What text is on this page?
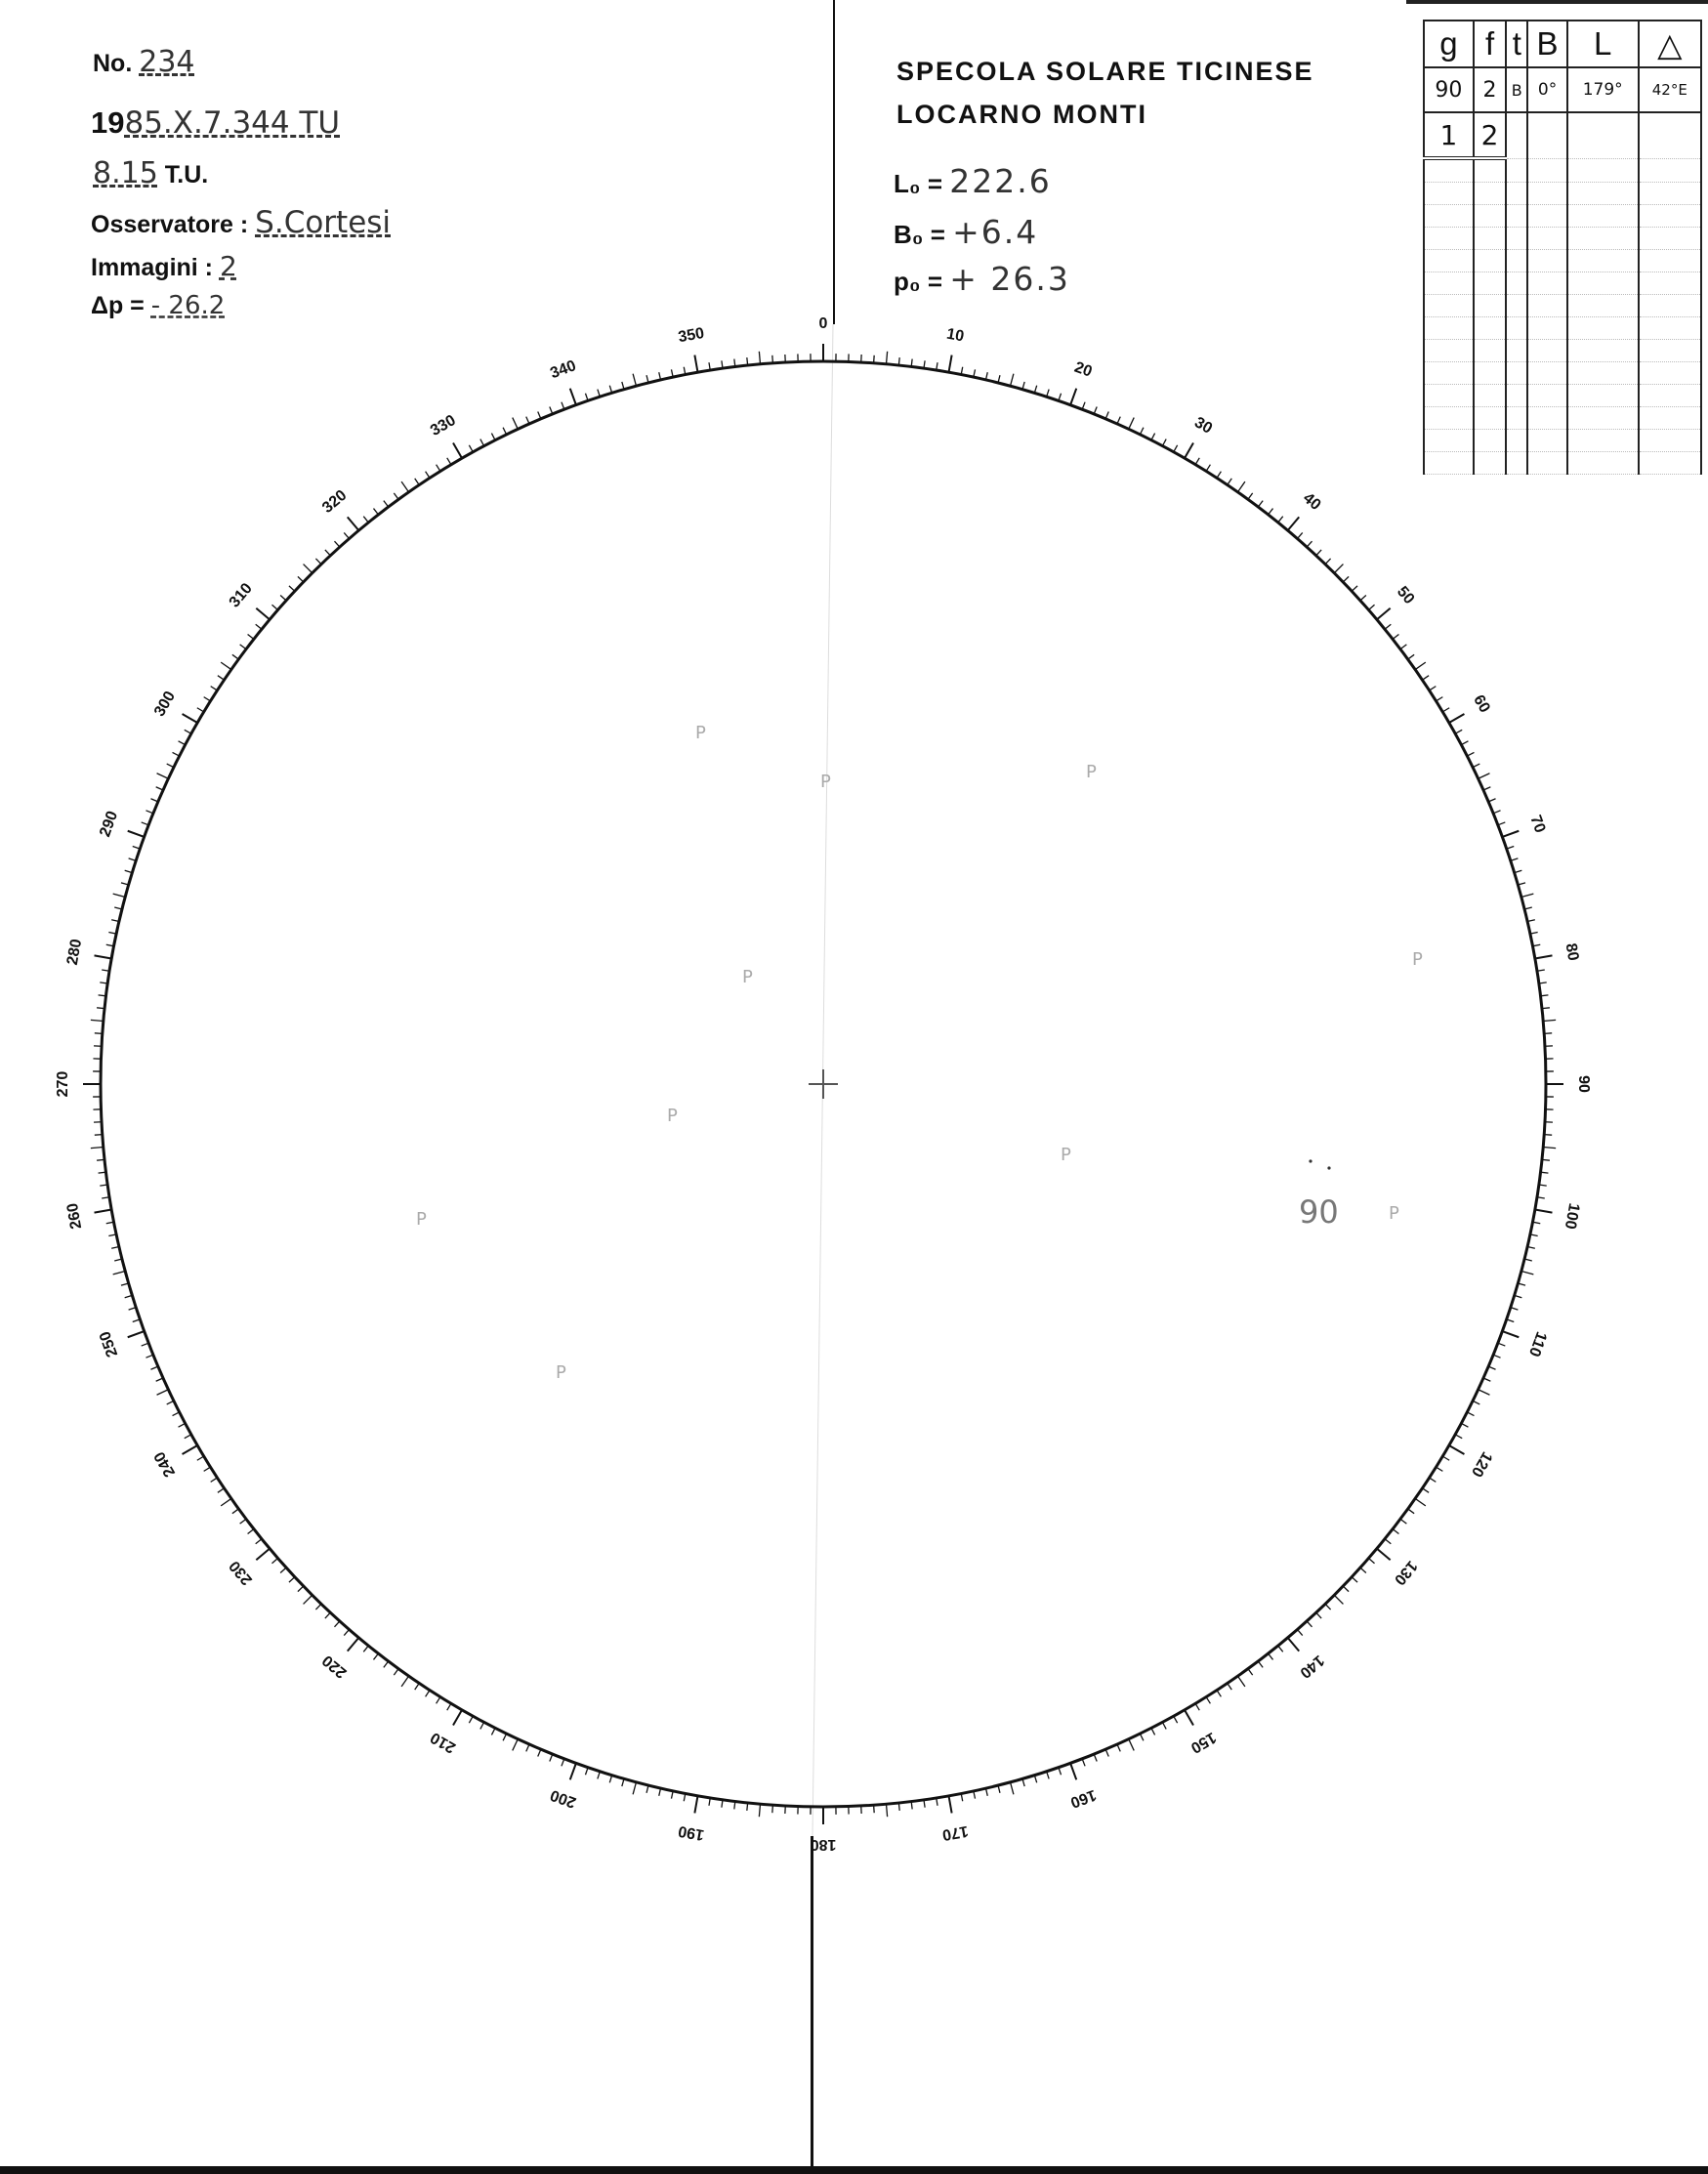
No. 234
1985.X.7.344 TU
8.15 T.U.
Osservatore : S.Cortesi
Immagini : 2
Δp = - 26.2
SPECOLA SOLARE TICINESE
LOCARNO MONTI
L₀ = 222.6
B₀ = +6.4
p₀ = + 26.3
g	f	t	B	L	△
90	2	B	0°	179°	42°E
1	2				

0
10
20
30
40
50
60
70
80
90
100
110
120
130
140
150
160
170
180
190
200
210
220
230
240
250
260
270
280
290
300
310
320
330
340
350
90
P
P
P
P
P
P
P	P
P
P
